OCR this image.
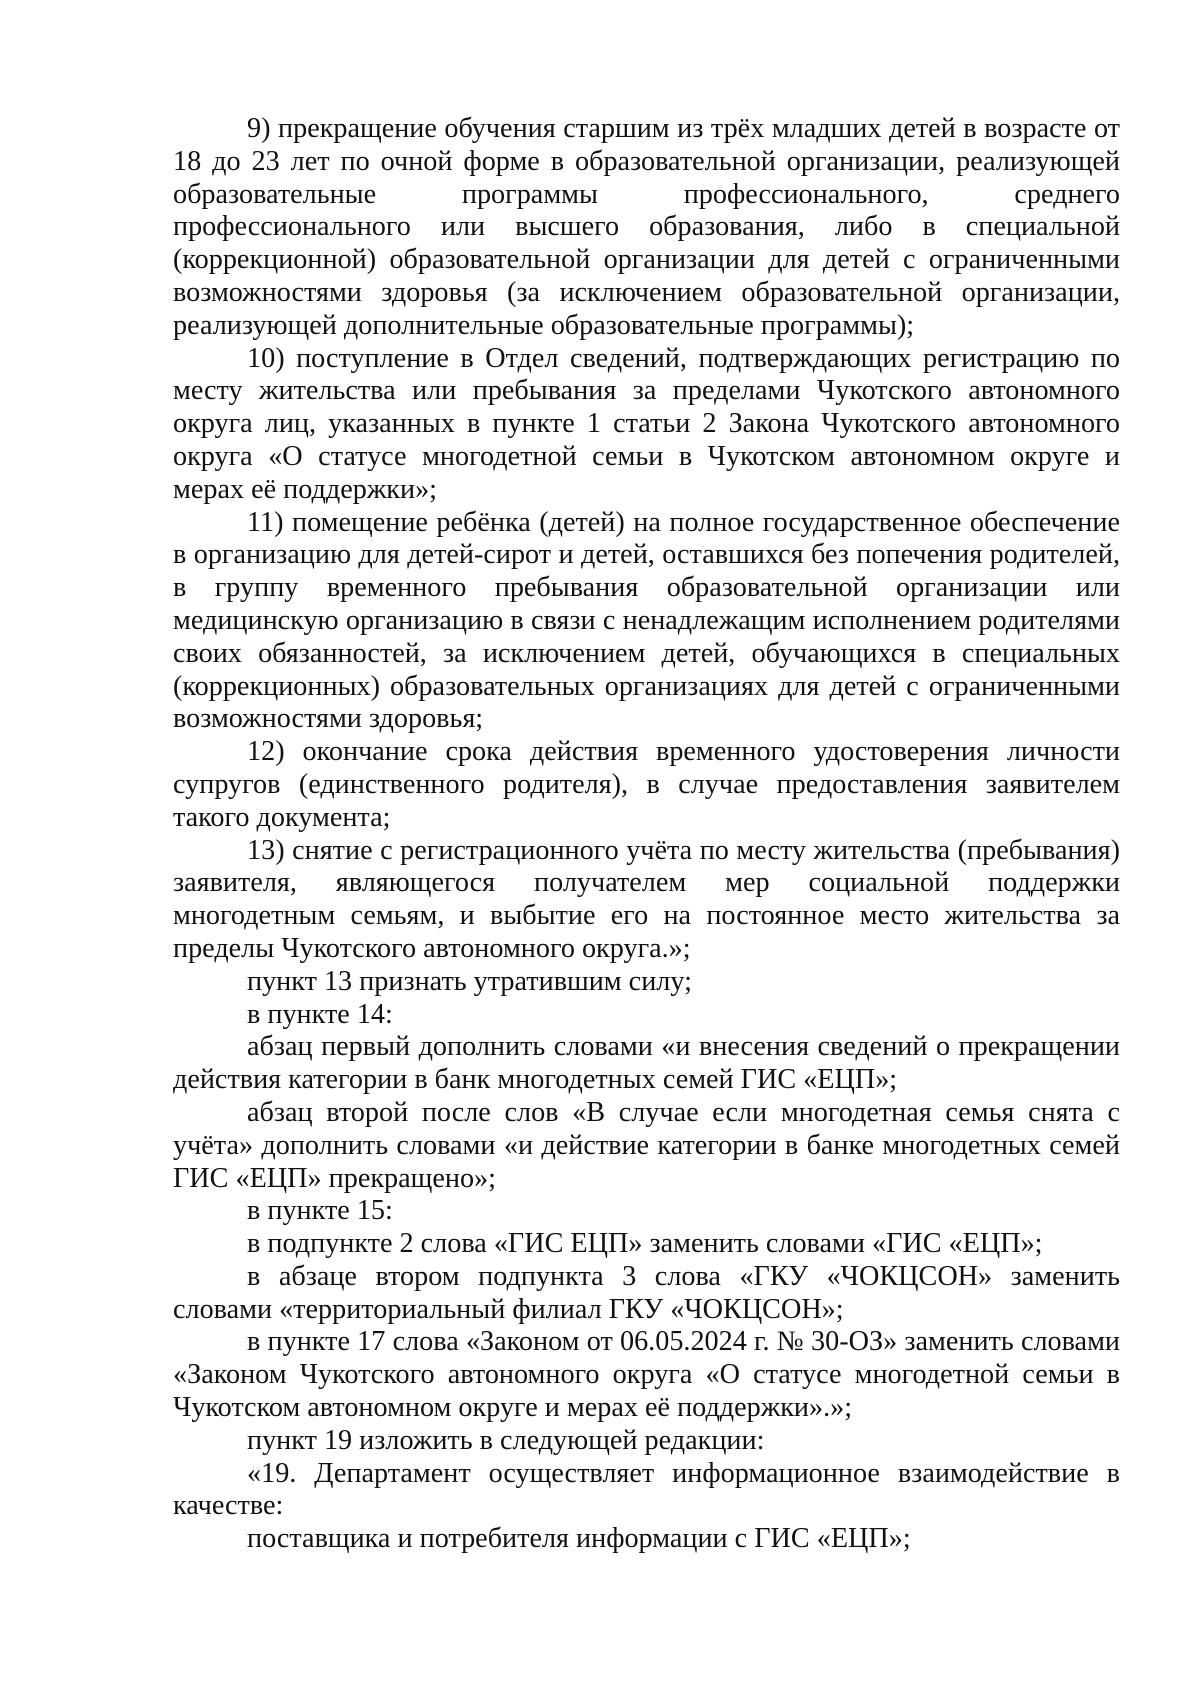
9) прекращение обучения старшим из трёх младших детей в возрасте от 18 до 23 лет по очной форме в образовательной организации, реализующей образовательные программы профессионального, среднего профессионального или высшего образования, либо в специальной (коррекционной) образовательной организации для детей с ограниченными возможностями здоровья (за исключением образовательной организации, реализующей дополнительные образовательные программы);

10) поступление в Отдел сведений, подтверждающих регистрацию по месту жительства или пребывания за пределами Чукотского автономного округа лиц, указанных в пункте 1 статьи 2 Закона Чукотского автономного округа «О статусе многодетной семьи в Чукотском автономном округе и мерах её поддержки»;

11) помещение ребёнка (детей) на полное государственное обеспечение в организацию для детей-сирот и детей, оставшихся без попечения родителей, в группу временного пребывания образовательной организации или медицинскую организацию в связи с ненадлежащим исполнением родителями своих обязанностей, за исключением детей, обучающихся в специальных (коррекционных) образовательных организациях для детей с ограниченными возможностями здоровья;

12) окончание срока действия временного удостоверения личности супругов (единственного родителя), в случае предоставления заявителем такого документа;

13) снятие с регистрационного учёта по месту жительства (пребывания) заявителя, являющегося получателем мер социальной поддержки многодетным семьям, и выбытие его на постоянное место жительства за пределы Чукотского автономного округа.»;

пункт 13 признать утратившим силу;

в пункте 14:

абзац первый дополнить словами «и внесения сведений о прекращении действия категории в банк многодетных семей ГИС «ЕЦП»;

абзац второй после слов «В случае если многодетная семья снята с учёта» дополнить словами «и действие категории в банке многодетных семей ГИС «ЕЦП» прекращено»;

в пункте 15:

в подпункте 2 слова «ГИС ЕЦП» заменить словами «ГИС «ЕЦП»;

в абзаце втором подпункта 3 слова «ГКУ «ЧОКЦСОН» заменить словами «территориальный филиал ГКУ «ЧОКЦСОН»;

в пункте 17 слова «Законом от 06.05.2024 г. № 30-ОЗ» заменить словами «Законом Чукотского автономного округа «О статусе многодетной семьи в Чукотском автономном округе и мерах её поддержки».»;

пункт 19 изложить в следующей редакции:

«19. Департамент осуществляет информационное взаимодействие в качестве:

поставщика и потребителя информации с ГИС «ЕЦП»;
